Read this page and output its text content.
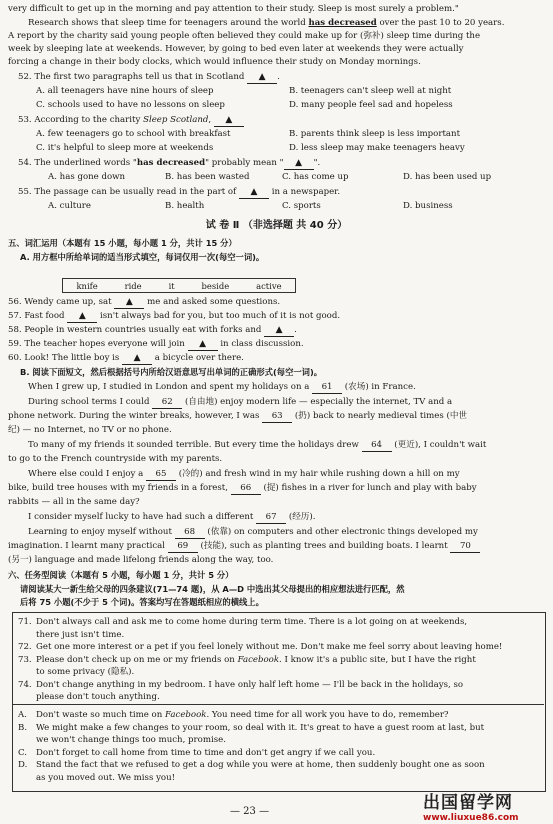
very difficult to get up in the morning and pay attention to their study. Sleep is most surely a problem."
Research shows that sleep time for teenagers around the world has decreased over the past 10 to 20 years.
A report by the charity said young people often believed they could make up for (弥补) sleep time during the
week by sleeping late at weekends. However, by going to bed even later at weekends they were actually
forcing a change in their body clocks, which would influence their study on Monday mornings.
52. The first two paragraphs tell us that in Scotland ▲ .
A. all teenagers have nine hours of sleep	B. teenagers can't sleep well at night
C. schools used to have no lessons on sleep	D. many people feel sad and hopeless
53. According to the charity Sleep Scotland, ▲
A. few teenagers go to school with breakfast	B. parents think sleep is less important
C. it's helpful to sleep more at weekends	D. less sleep may make teenagers heavy
54. The underlined words "has decreased" probably mean " ▲ ".
A. has gone down	B. has been wasted	C. has come up	D. has been used up
55. The passage can be usually read in the part of ▲ in a newspaper.
A. culture	B. health	C. sports	D. business
试 卷 Ⅱ （非选择题 共 40 分）
五、词汇运用（本题有 15 小题，每小题 1 分，共计 15 分）
A. 用方框中所给单词的适当形式填空，每词仅用一次(每空一词)。
knife	ride	it	beside	active
56. Wendy came up, sat ▲ me and asked some questions.
57. Fast food ▲ isn't always bad for you, but too much of it is not good.
58. People in western countries usually eat with forks and ▲ .
59. The teacher hopes everyone will join ▲ in class discussion.
60. Look! The little boy is ▲ a bicycle over there.
B. 阅读下面短文，然后根据括号内所给汉语意思写出单词的正确形式(每空一词)。
When I grew up, I studied in London and spent my holidays on a 61 (农场) in France.
During school terms I could 62 (自由地) enjoy modern life — especially the internet, TV and a
phone network. During the winter breaks, however, I was 63 (扔) back to nearly medieval times (中世
纪) — no Internet, no TV or no phone.
To many of my friends it sounded terrible. But every time the holidays drew 64 (更近), I couldn't wait
to go to the French countryside with my parents.
Where else could I enjoy a 65 (冷的) and fresh wind in my hair while rushing down a hill on my
bike, build tree houses with my friends in a forest, 66 (捉) fishes in a river for lunch and play with baby
rabbits — all in the same day?
I consider myself lucky to have had such a different 67 (经历).
Learning to enjoy myself without 68 (依靠) on computers and other electronic things developed my
imagination. I learnt many practical 69 (技能), such as planting trees and building boats. I learnt 70
(另一) language and made lifelong friends along the way, too.
六、任务型阅读（本题有 5 小题，每小题 1 分，共计 5 分）
请阅读某大一新生给父母的四条建议(71—74 题)，从 A—D 中选出其父母提出的相应想法进行匹配，然
后将 75 小题(不少于 5 个词)。答案均写在答题纸相应的横线上。
71. Don't always call and ask me to come home during term time. There is a lot going on at weekends,
there just isn't time.
72. Get one more interest or a pet if you feel lonely without me. Don't make me feel sorry about leaving home!
73. Please don't check up on me or my friends on Facebook. I know it's a public site, but I have the right
to some privacy (隐私).
74. Don't change anything in my bedroom. I have only half left home — I'll be back in the holidays, so
please don't touch anything.
A. Don't waste so much time on Facebook. You need time for all work you have to do, remember?
B. We might make a few changes to your room, so deal with it. It's great to have a guest room at last, but
we won't change things too much, promise.
C. Don't forget to call home from time to time and don't get angry if we call you.
D. Stand the fact that we refused to get a dog while you were at home, then suddenly bought one as soon
as you moved out. We miss you!
— 23 —	出国留学网
www.liuxue86.com
